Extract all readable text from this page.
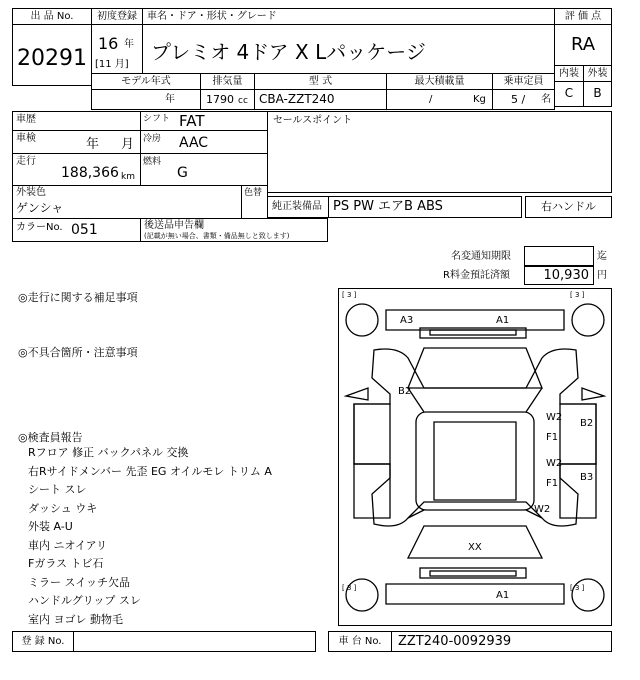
出 品 No.
20291
初度登録
16 年
[11 月]
車名・ドア・形状・グレード
プレミオ 4ドア X Lパッケージ
評 価 点
RA
内装 外装
C	B
モデル年式
年
排気量
1790 cc
型 式
CBA-ZZT240
最大積載量
/	Kg
乗車定員
5 / 名
車歴
車検	年 月
走行
188,366 km
シフト FAT
冷房 AAC
燃料
G
セールスポイント
外装色
ゲンシャ
色替
純正装備品 PS PW エアB ABS	右ハンドル
カラーNo. 051	後送品申告欄
(記載が無い場合、書類・備品無しと致します)
名変通知期限	迄
R料金預託済額	10,930 円
◎走行に関する補足事項
◎不具合箇所・注意事項
◎検査員報告
Rフロア 修正 バックパネル 交換
右Rサイドメンバー 先歪 EG オイルモレ トリム A
シート スレ
ダッシュ ウキ
外装 A-U
車内 ニオイアリ
Fガラス トビ石
ミラー スイッチ欠品
ハンドルグリップ スレ
室内 ヨゴレ 動物毛
[ 3 ]	[ 3 ]
[ 3 ]	[ 3 ]
A3	A1
B2
W2
F1
B2
W2
F1
B3
W2
XX
A1
登 録 No.	車 台 No.	ZZT240-0092939
